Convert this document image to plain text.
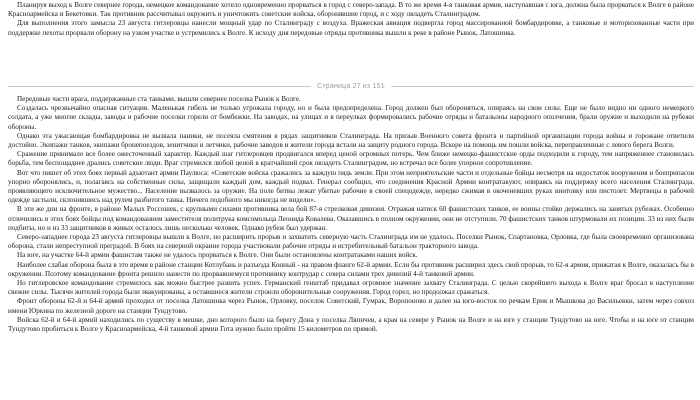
Планируя выход к Волге севернее города, немецкое командование хотело одновременно прорваться в город с северо-запада. В то же время 4-я танковая армия, наступавшая с юга, должна была прорваться к Волге в районе Красноармейска и Бекетовки. Так противник рассчитывал окружить и уничтожить советские войска, оборонявшие город, и с ходу овладеть Сталинградом.

Для выполнения этого замысла 23 августа гитлеровцы нанесли мощный удар по Сталинграду с воздуха. Вражеская авиация подвергла город массированной бомбардировке, а танковые и моторизованные части при поддержке пехоты прорвали оборону на узком участке и устремились к Волге. К исходу дня передовые отряды противника вышли к реке в районе Рынок, Латошинка.

Страница 27 из 151

Передовые части врага, поддержанные ста танками, вышли севернее поселка Рынок к Волге.

Создалась чрезвычайно опасная ситуация. Маленькая гибель не только угрожала городу, но и была предопределена. Город должен был обороняться, опираясь на свои силы. Еще не было видно ни одного немецкого солдата, а уже многие склады, заводы и рабочие поселки горели от бомбежки. На заводах, на улицах и в переулках формировались рабочие отряды и батальоны народного ополчения, брали оружие и выходили на рубежи обороны.

Однако эта ужасающая бомбардировка не вызвала паники, не посеяла смятения в рядах защитников Сталинграда. На призыв Военного совета фронта и партийной организации города войны и горожане ответили достойно. Экипажи танков, экипажи бронепоездов, зенитчики и летчики, рабочие заводов и жители города встали на защиту родного города. Вскоре на помощь им пошли войска, переправленные с левого берега Волги.

Сражение принимало все более ожесточенный характер. Каждый шаг гитлеровцев продвигался вперед ценой огромных потерь. Чем ближе немецко-фашистские орды подходили к городу, тем напряженнее становилась борьба, тем беспощаднее дрались советские люди. Враг стремился любой ценой в кратчайший срок овладеть Сталинградом, но встречал все более упорное сопротивление.

Вот что пишет об этих боях первый адъютант армии Паулюса: «Советские войска сражались за каждую пядь земли. При этом неприятельские части и отдельные бойцы несмотря на недостаток вооружения и боеприпасов упорно оборонялись, и, полагаясь на собственные силы, защищали каждый дом, каждый подвал. Генерал сообщил, что соединения Красной Армии контратакуют, опираясь на поддержку всего населения Сталинграда, проявляющего исключительное мужество... Население вызвалось за оружие. На поле битвы лежат убитые рабочие в своей спецодежде, нередко сжимая в окоченевших руках винтовку или пистолет. Мертвецы в рабочей одежде застыли, склонившись над рулем разбитого танка. Ничего подобного мы никогда не видели».

В эти же дни на фронте, в районе Малых Россошек, с крупными силами противника вела бой 87-я стрелковая дивизия. Отражая натиск 60 фашистских танков, ее воины стойко держались на занятых рубежах. Особенно отличились в этих боях бойцы под командованием заместителя политрука комсомольца Леонида Ковалева. Оказавшись в полном окружении, они не отступили. 70 фашистских танков штурмовали их позиции. 33 из них были подбиты, но и из 33 защитников в живых осталось лишь несколько человек. Однако рубеж был удержан.

Северо-западнее города 23 августа гитлеровцы вышли к Волге, но расширить прорыв и захватить северную часть Сталинграда им не удалось. Поселки Рынок, Спартановка, Орловка, где была своевременно организована оборона, стали непреступной преградой. В боях на северной окраине города участвовали рабочие отряды и истребительный батальон тракторного завода.

На юге, на участке 64-й армии фашистам также не удалось прорваться к Волге. Они были остановлены контратаками наших войск.

Наиболее слабая оборона была в это время в районе станции Котлубань и разъезда Конный - на правом фланге 62-й армии. Если бы противник расширил здесь свой прорыв, то 62-я армия, прижатая к Волге, оказалась бы в окружении. Поэтому командование фронта решило нанести по прорвавшемуся противнику контрудар с севера силами трех дивизий 4-й танковой армии.

Но гитлеровское командование стремилось как можно быстрее развить успех. Германский генштаб придавал огромное значение захвату Сталинграда. С целью скорейшего выхода к Волге враг бросал в наступление свежие силы. Тысячи жителей города были эвакуированы, а оставшиеся жители строили оборонительные сооружения. Город горел, но продолжал сражаться.

Фронт обороны 62-й и 64-й армий проходил от поселка Латошинка через Рынок, Орловку, поселок Советский, Гумрак, Воропоново и далее на юго-восток по речкам Ерик и Мышкова до Васильевки, затем через совхоз имени Юркина по железной дороге на станции Тундутово.

Войска 62-й и 64-й армий находились по существу в мешке, дно которого было на берегу Дона у поселка Ляпичев, а края на севере у Рынок на Волге и на юге у станции Тундутово на юге. Чтобы и на юге от станции Тундутово пробиться к Волге у Красноармейска, 4-й танковой армии Гота нужно было пройти 15 километров по прямой.
